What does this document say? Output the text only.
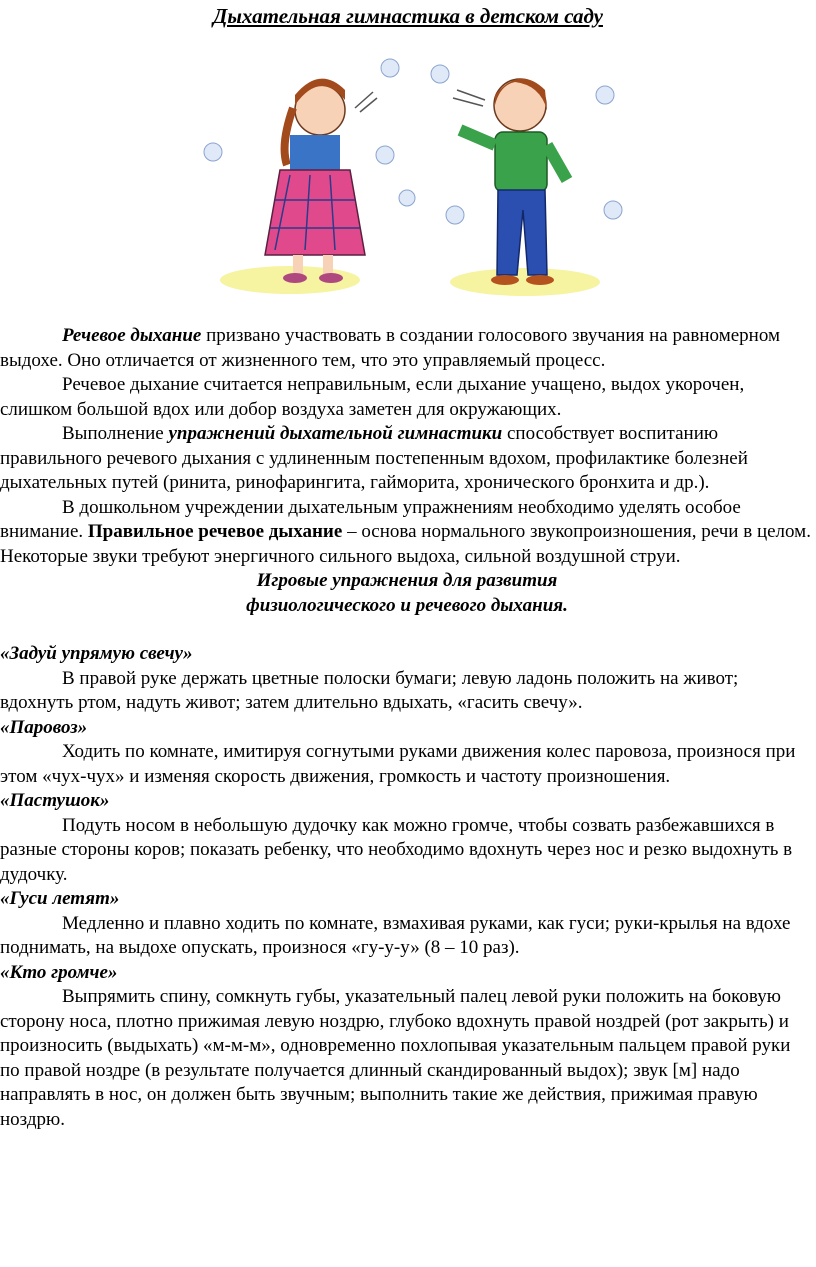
Дыхательная гимнастика в детском саду

Речевое дыхание призвано участвовать в создании голосового звучания на равномерном выдохе. Оно отличается от жизненного тем, что это управляемый процесс.

Речевое дыхание считается неправильным, если дыхание учащено, выдох укорочен, слишком большой вдох или добор воздуха заметен для окружающих.

Выполнение упражнений дыхательной гимнастики способствует воспитанию правильного речевого дыхания с удлиненным постепенным вдохом, профилактике болезней дыхательных путей (ринита, ринофарингита, гайморита, хронического бронхита и др.).

В дошкольном учреждении дыхательным упражнениям необходимо уделять особое внимание. Правильное речевое дыхание – основа нормального звукопроизношения, речи в целом. Некоторые звуки требуют энергичного сильного выдоха, сильной воздушной струи.

Игровые упражнения для развития

физиологического и речевого дыхания.

«Задуй упрямую свечу»

В правой руке держать цветные полоски бумаги; левую ладонь положить на живот; вдохнуть ртом, надуть живот; затем длительно вдыхать, «гасить свечу».

«Паровоз»

Ходить по комнате, имитируя согнутыми руками движения колес паровоза, произнося при этом «чух-чух» и изменяя скорость движения, громкость и частоту произношения.

«Пастушок»

Подуть носом в небольшую дудочку как можно громче, чтобы созвать разбежавшихся в разные стороны коров; показать ребенку, что необходимо вдохнуть через нос и резко выдохнуть в дудочку.

«Гуси летят»

Медленно и плавно ходить по комнате, взмахивая руками, как гуси; руки-крылья на вдохе поднимать, на выдохе опускать, произнося «гу-у-у» (8 – 10 раз).

«Кто громче»

Выпрямить спину, сомкнуть губы, указательный палец левой руки положить на боковую сторону носа, плотно прижимая левую ноздрю, глубоко вдохнуть правой ноздрей (рот закрыть) и произносить (выдыхать) «м-м-м», одновременно похлопывая указательным пальцем правой руки по правой ноздре (в результате получается длинный скандированный выдох); звук [м] надо направлять в нос, он должен быть звучным; выполнить такие же действия, прижимая правую ноздрю.
